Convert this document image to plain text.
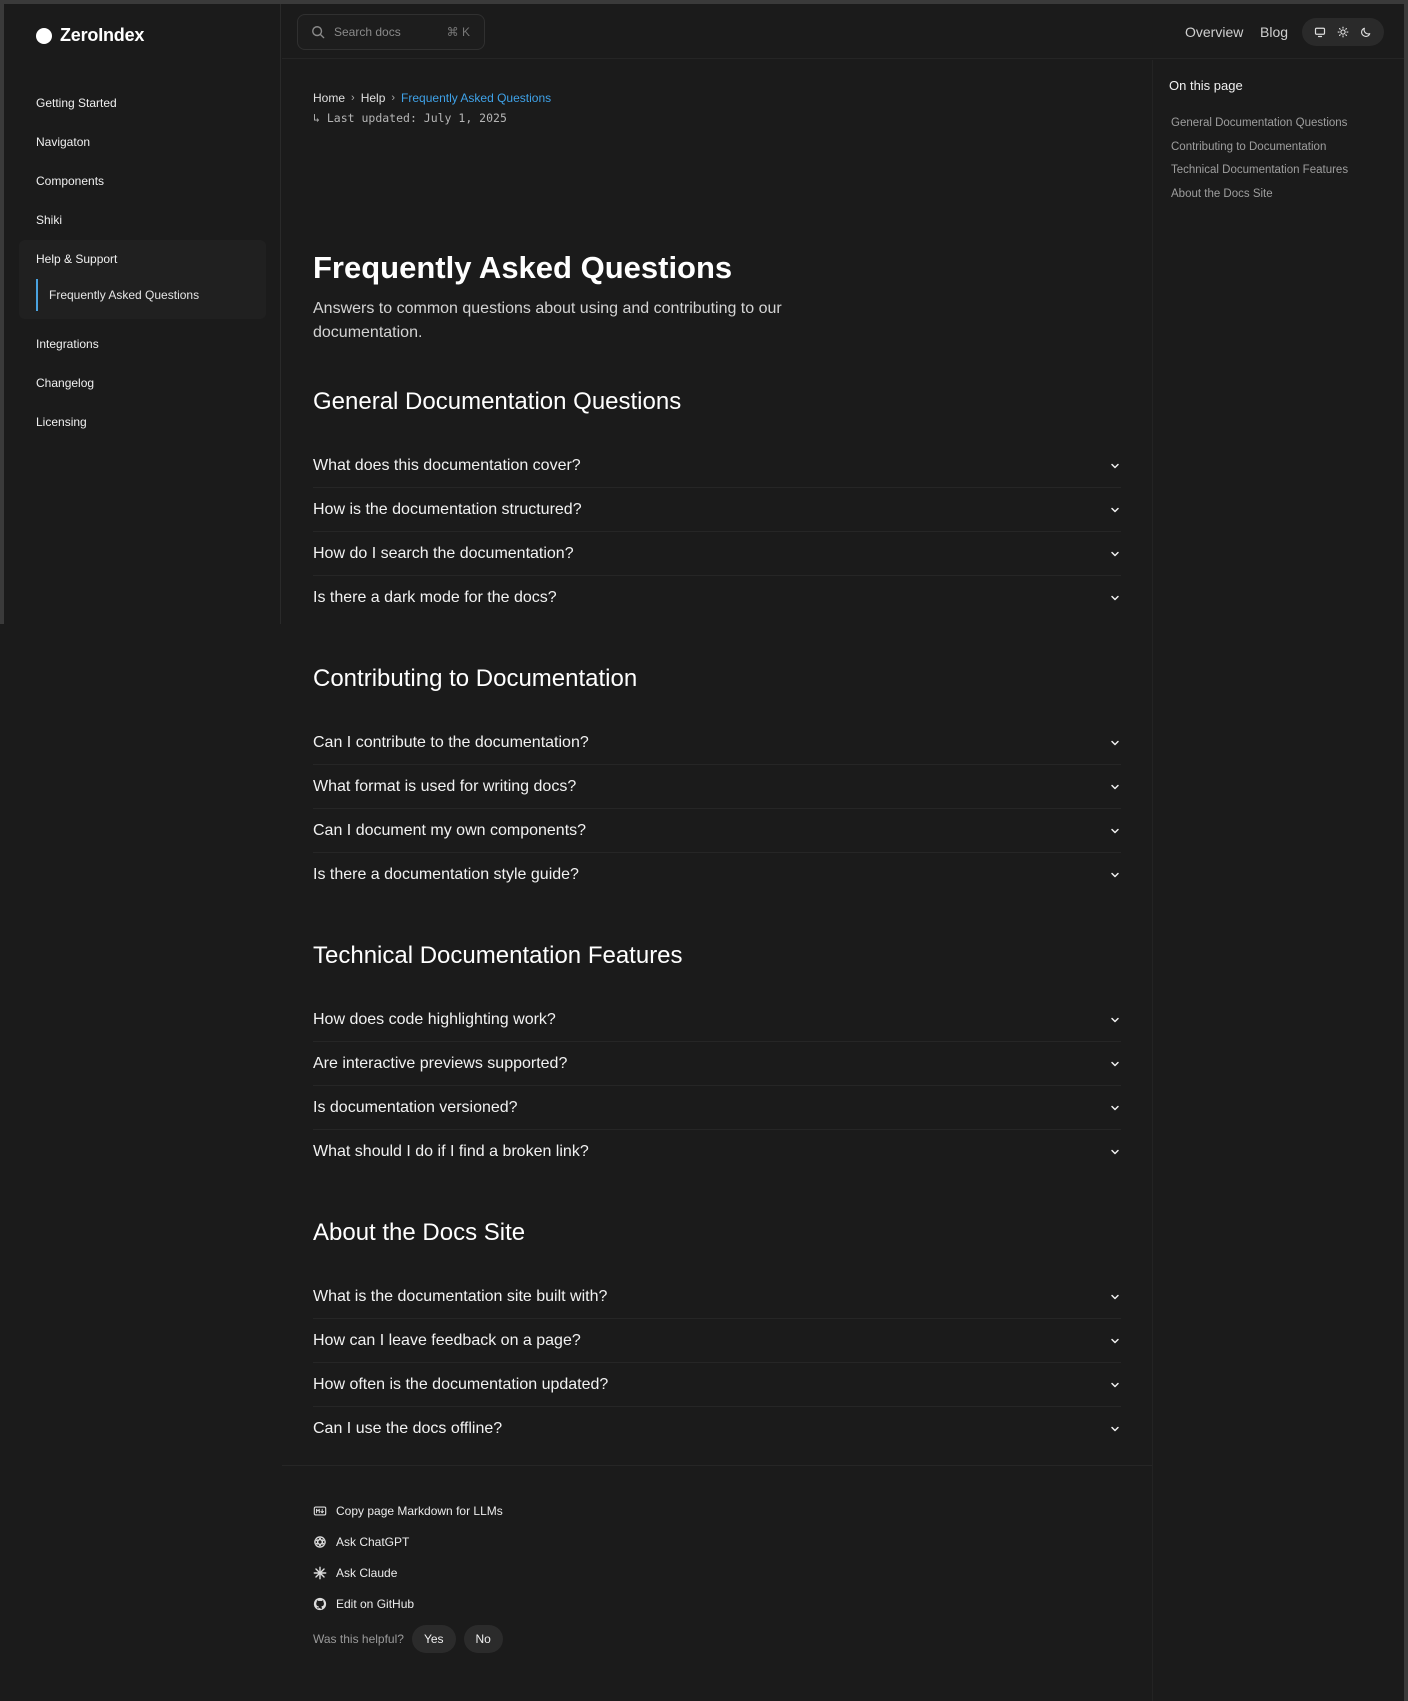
ZeroIndex
Getting Started
Navigaton
Components
Shiki
Help & Support
Frequently Asked Questions
Integrations
Changelog
Licensing
Search docs	⌘ K	Overview Blog
Home › Help › Frequently Asked Questions
↳ Last updated: July 1, 2025
Frequently Asked Questions

Answers to common questions about using and contributing to our documentation.

General Documentation Questions
What does this documentation cover?
How is the documentation structured?
How do I search the documentation?
Is there a dark mode for the docs?
Contributing to Documentation
Can I contribute to the documentation?
What format is used for writing docs?
Can I document my own components?
Is there a documentation style guide?
Technical Documentation Features
How does code highlighting work?
Are interactive previews supported?
Is documentation versioned?
What should I do if I find a broken link?
About the Docs Site
What is the documentation site built with?
How can I leave feedback on a page?
How often is the documentation updated?
Can I use the docs offline?
Copy page Markdown for LLMs
Ask ChatGPT
Ask Claude
Edit on GitHub
Was this helpful?	Yes	No
On this page
General Documentation Questions
Contributing to Documentation
Technical Documentation Features
About the Docs Site
